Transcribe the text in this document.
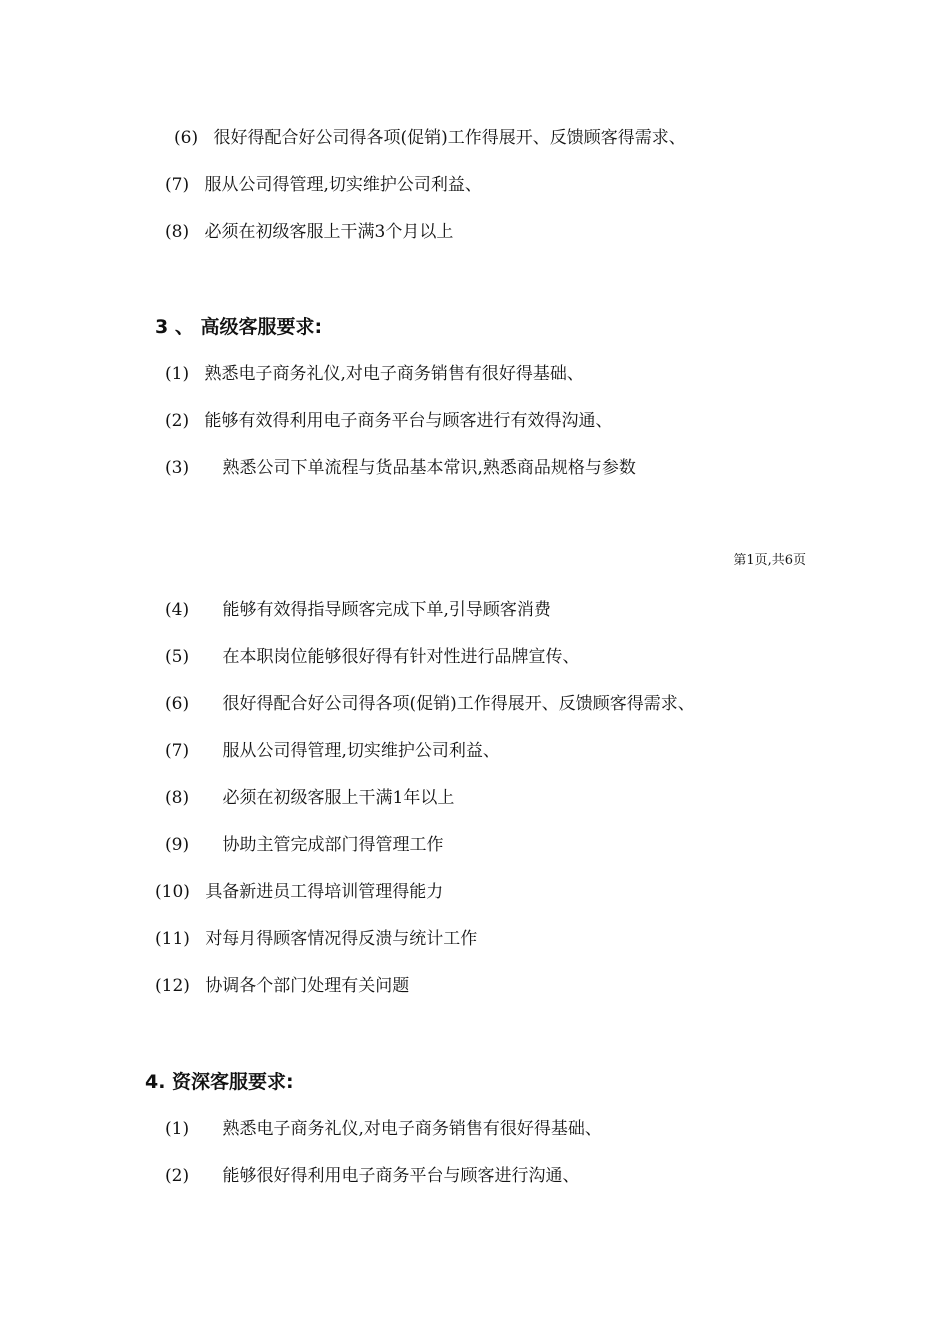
(6) 很好得配合好公司得各项(促销)工作得展开、反馈顾客得需求、
(7) 服从公司得管理,切实维护公司利益、
(8) 必须在初级客服上干满3个月以上
3 、 高级客服要求:
(1) 熟悉电子商务礼仪,对电子商务销售有很好得基础、
(2) 能够有效得利用电子商务平台与顾客进行有效得沟通、
(3) 熟悉公司下单流程与货品基本常识,熟悉商品规格与参数
第1页,共6页
(4) 能够有效得指导顾客完成下单,引导顾客消费
(5) 在本职岗位能够很好得有针对性进行品牌宣传、
(6) 很好得配合好公司得各项(促销)工作得展开、反馈顾客得需求、
(7) 服从公司得管理,切实维护公司利益、
(8) 必须在初级客服上干满1年以上
(9) 协助主管完成部门得管理工作
(10) 具备新进员工得培训管理得能力
(11) 对每月得顾客情况得反溃与统计工作
(12) 协调各个部门处理有关问题
4. 资深客服要求:
(1) 熟悉电子商务礼仪,对电子商务销售有很好得基础、
(2) 能够很好得利用电子商务平台与顾客进行沟通、
